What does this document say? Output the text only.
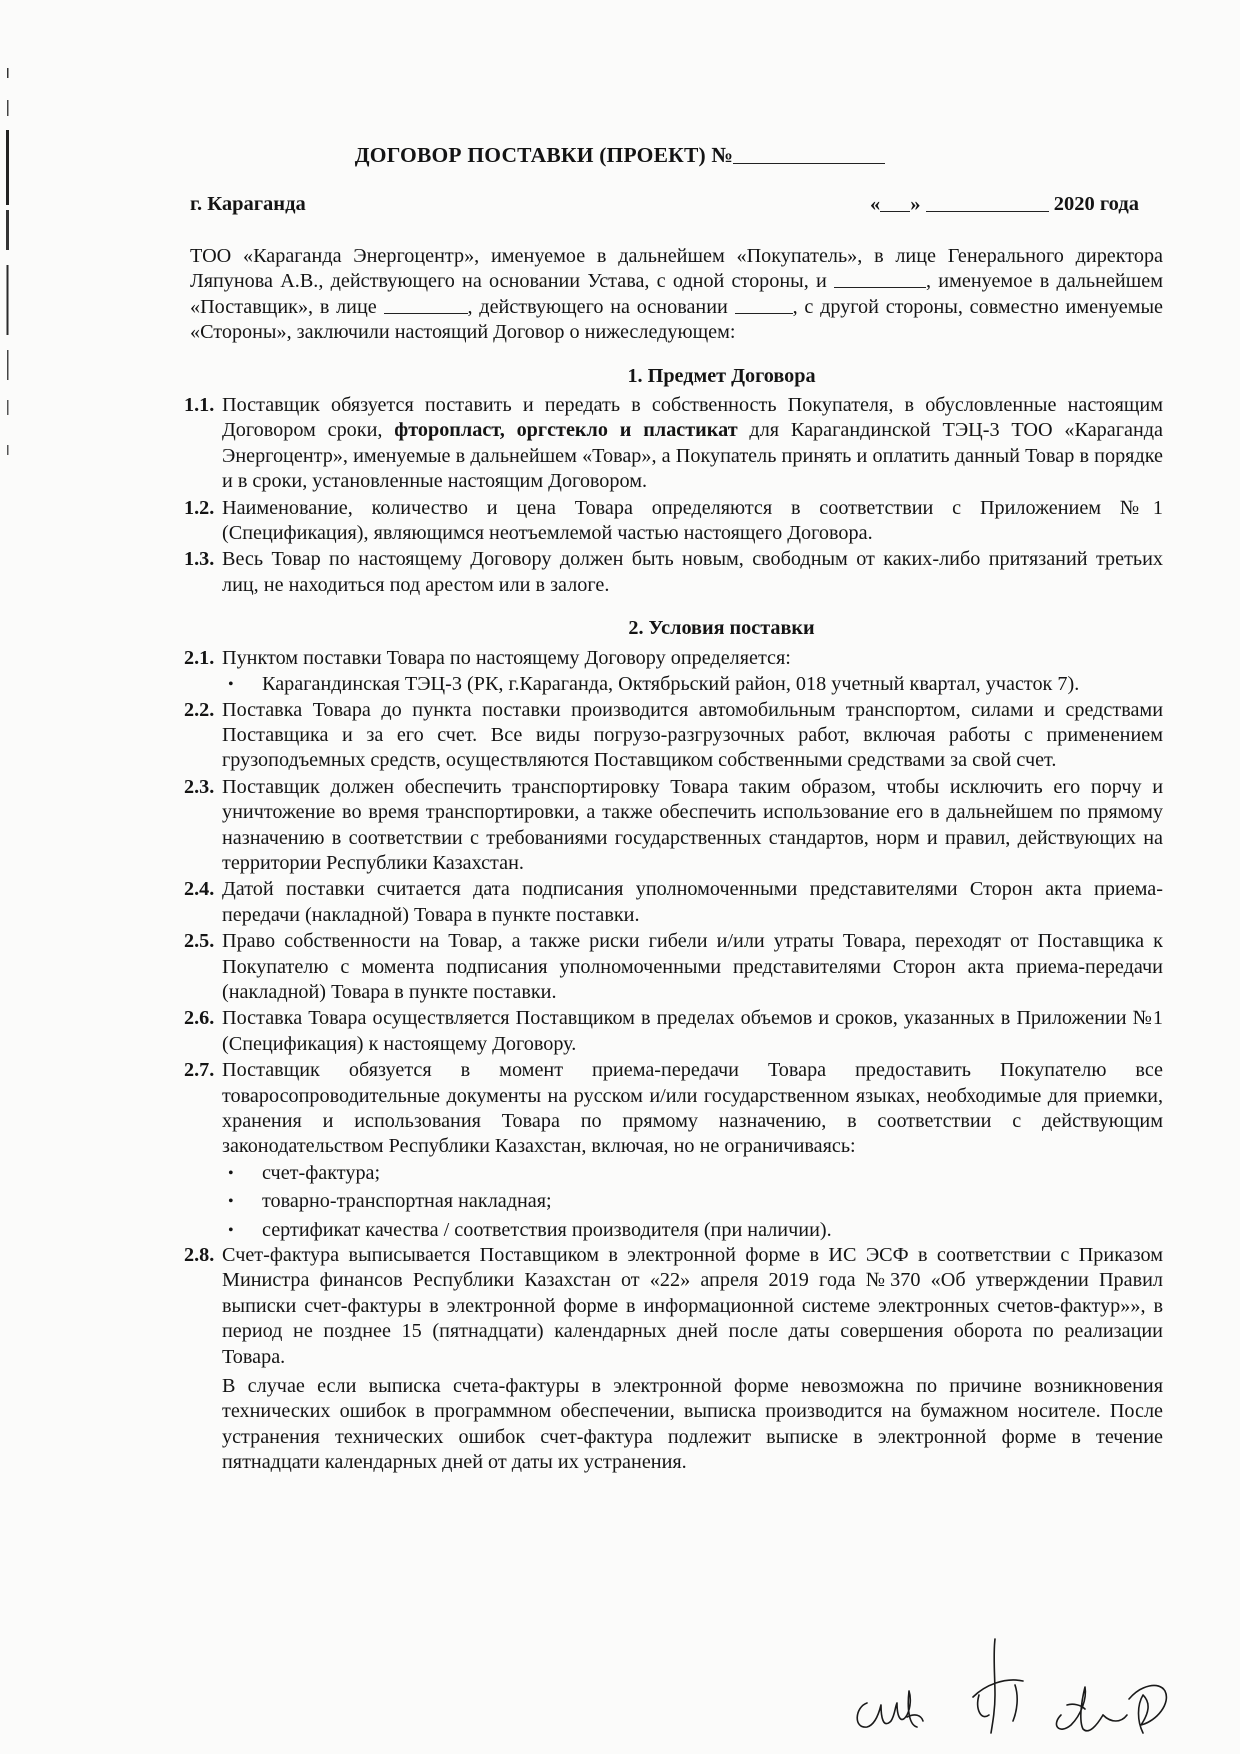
ДОГОВОР ПОСТАВКИ (ПРОЕКТ) №
г. Караганда	« »	2020 года

ТОО «Караганда Энергоцентр», именуемое в дальнейшем «Покупатель», в лице Генерального директора Ляпунова А.В., действующего на основании Устава, с одной стороны, и	, именуемое в дальнейшем «Поставщик», в лице	, действующего на основании	, с другой стороны, совместно именуемые «Стороны», заключили настоящий Договор о нижеследующем:

1. Предмет Договора
1.1. Поставщик обязуется поставить и передать в собственность Покупателя, в обусловленные настоящим Договором сроки, фторопласт, оргстекло и пластикат для Карагандинской ТЭЦ-3 ТОО «Караганда Энергоцентр», именуемые в дальнейшем «Товар», а Покупатель принять и оплатить данный Товар в порядке и в сроки, установленные настоящим Договором.
1.2. Наименование, количество и цена Товара определяются в соответствии с Приложением №1 (Спецификация), являющимся неотъемлемой частью настоящего Договора.
1.3. Весь Товар по настоящему Договору должен быть новым, свободным от каких-либо притязаний третьих лиц, не находиться под арестом или в залоге.
2. Условия поставки
2.1. Пунктом поставки Товара по настоящему Договору определяется:
• Карагандинская ТЭЦ-3 (РК, г.Караганда, Октябрьский район, 018 учетный квартал, участок 7).
2.2. Поставка Товара до пункта поставки производится автомобильным транспортом, силами и средствами Поставщика и за его счет. Все виды погрузо-разгрузочных работ, включая работы с применением грузоподъемных средств, осуществляются Поставщиком собственными средствами за свой счет.
2.3. Поставщик должен обеспечить транспортировку Товара таким образом, чтобы исключить его порчу и уничтожение во время транспортировки, а также обеспечить использование его в дальнейшем по прямому назначению в соответствии с требованиями государственных стандартов, норм и правил, действующих на территории Республики Казахстан.
2.4. Датой поставки считается дата подписания уполномоченными представителями Сторон акта приема-передачи (накладной) Товара в пункте поставки.
2.5. Право собственности на Товар, а также риски гибели и/или утраты Товара, переходят от Поставщика к Покупателю с момента подписания уполномоченными представителями Сторон акта приема-передачи (накладной) Товара в пункте поставки.
2.6. Поставка Товара осуществляется Поставщиком в пределах объемов и сроков, указанных в Приложении №1 (Спецификация) к настоящему Договору.
2.7. Поставщик обязуется в момент приема-передачи Товара предоставить Покупателю все товаросопроводительные документы на русском и/или государственном языках, необходимые для приемки, хранения и использования Товара по прямому назначению, в соответствии с действующим законодательством Республики Казахстан, включая, но не ограничиваясь:
• счет-фактура;
• товарно-транспортная накладная;
• сертификат качества / соответствия производителя (при наличии).
2.8. Счет-фактура выписывается Поставщиком в электронной форме в ИС ЭСФ в соответствии с Приказом Министра финансов Республики Казахстан от «22» апреля 2019 года №370 «Об утверждении Правил выписки счет-фактуры в электронной форме в информационной системе электронных счетов-фактур»», в период не позднее 15 (пятнадцати) календарных дней после даты совершения оборота по реализации Товара.
В случае если выписка счета-фактуры в электронной форме невозможна по причине возникновения технических ошибок в программном обеспечении, выписка производится на бумажном носителе. После устранения технических ошибок счет-фактура подлежит выписке в электронной форме в течение пятнадцати календарных дней от даты их устранения.
